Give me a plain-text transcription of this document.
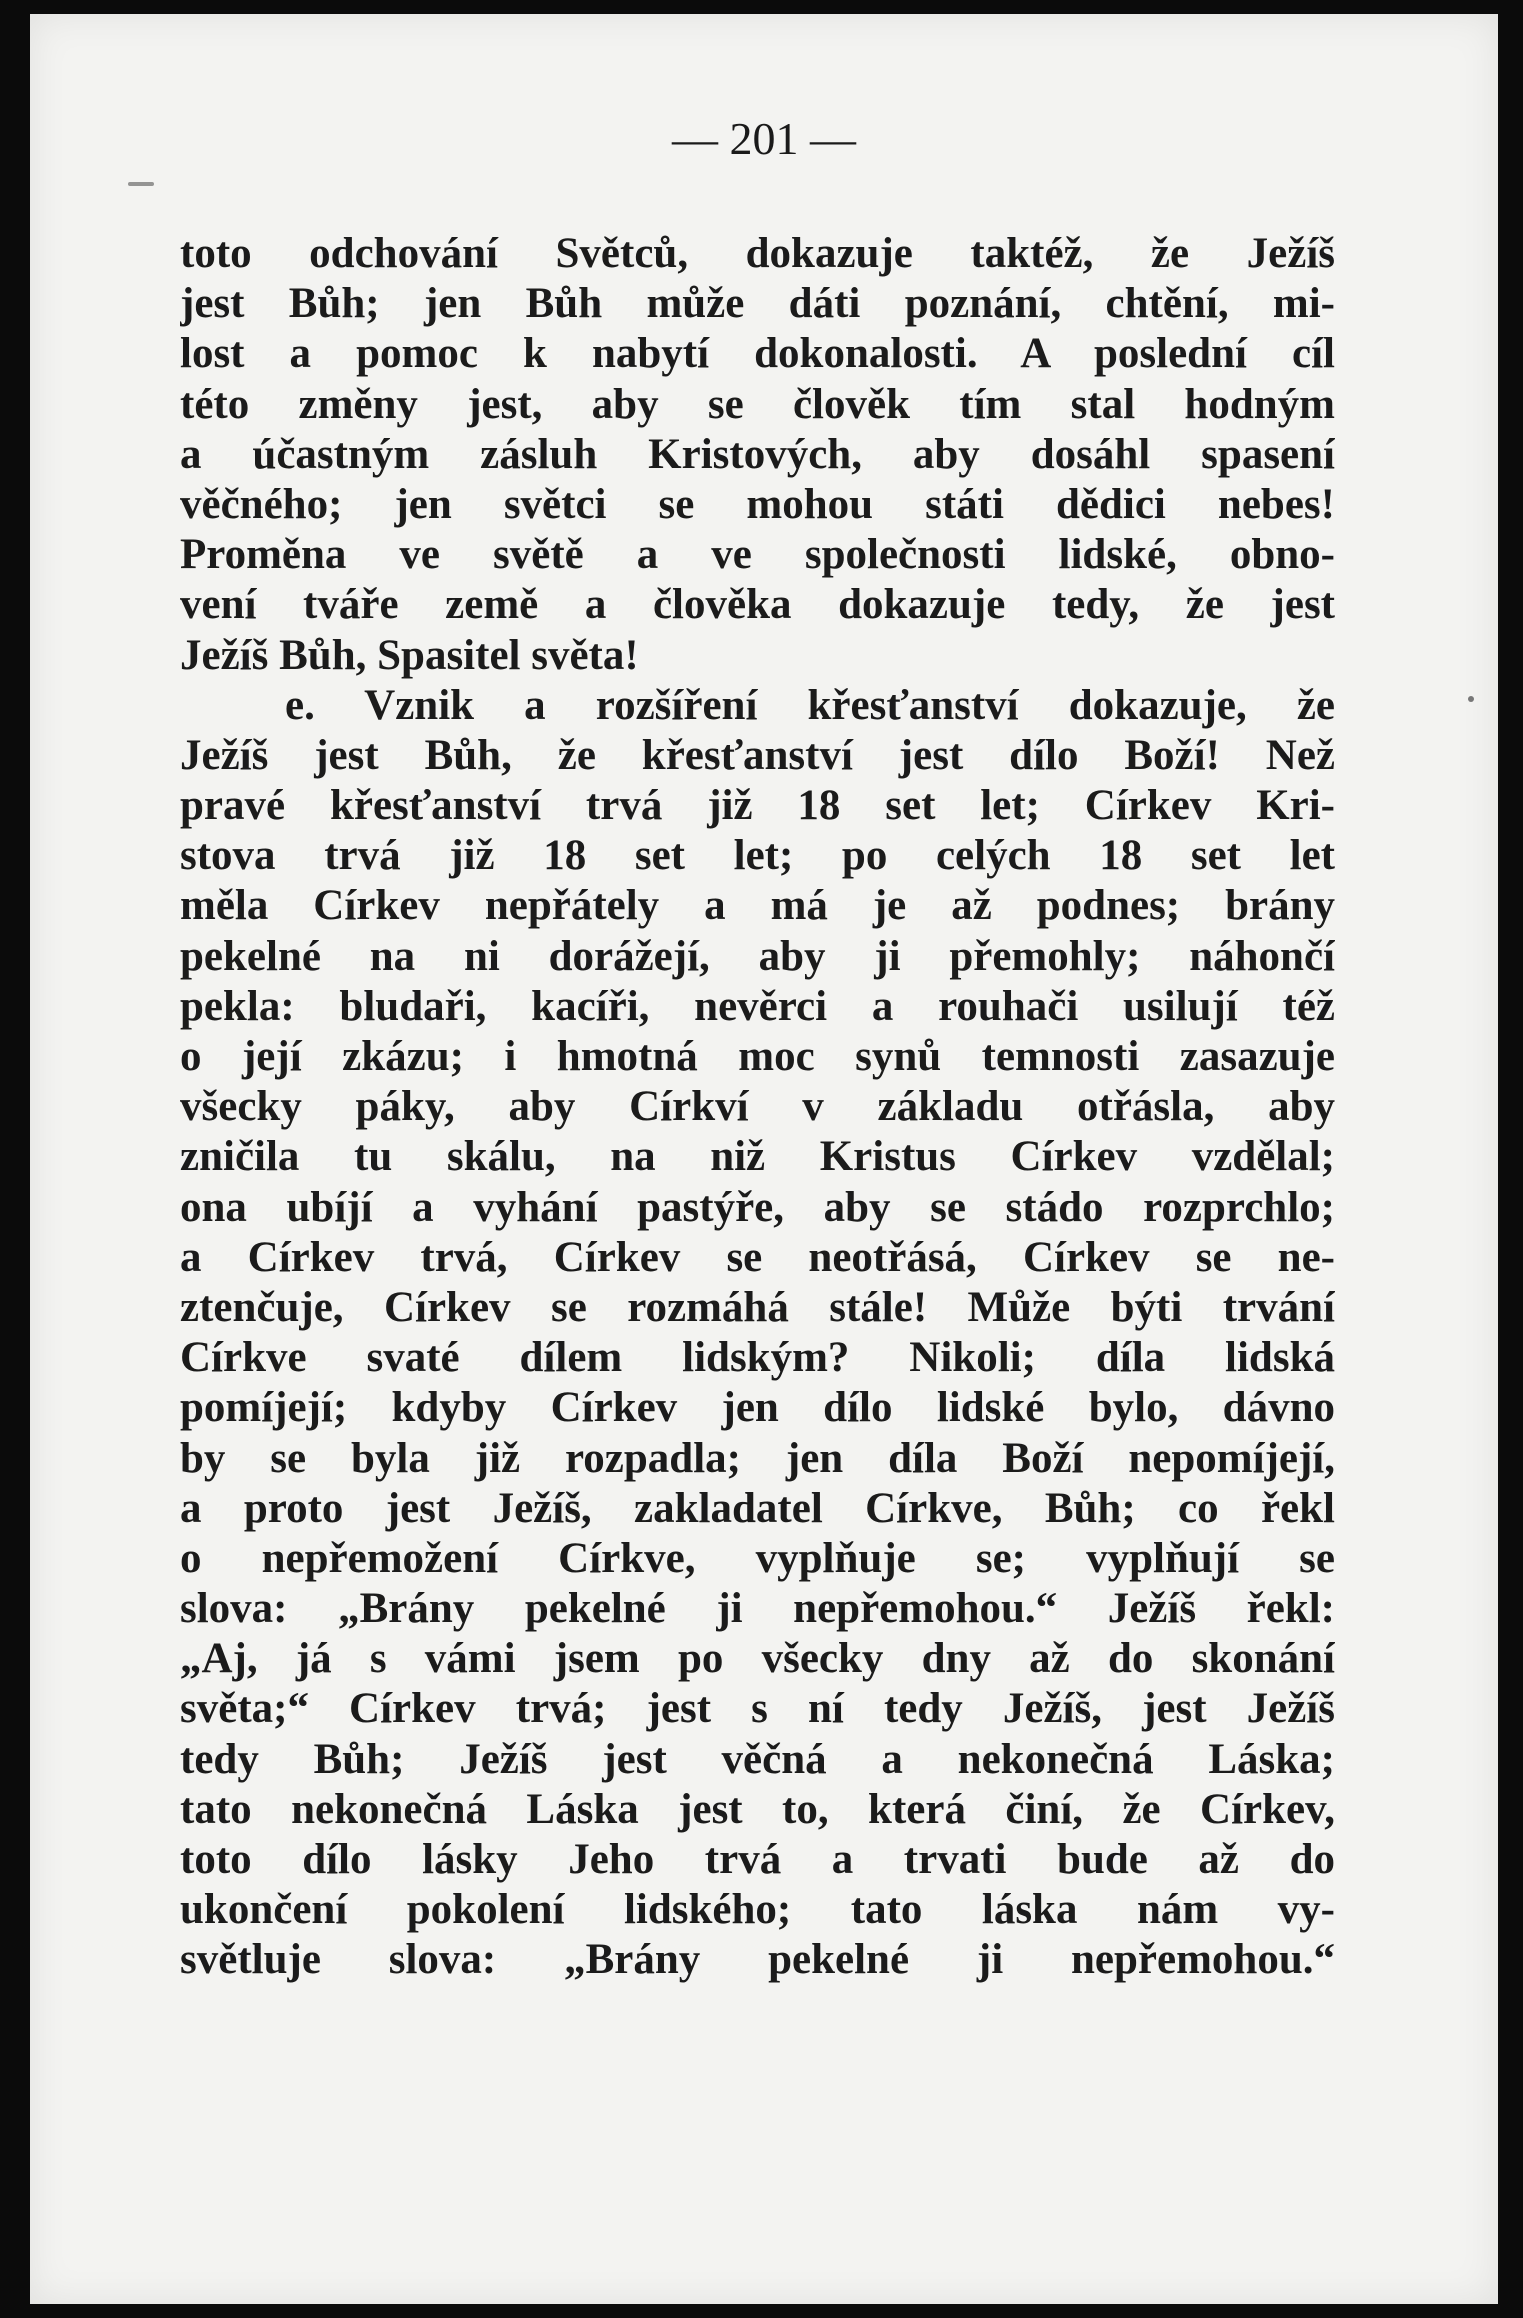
— 201 —
toto odchování Světců, dokazuje taktéž, že Ježíš
jest Bůh; jen Bůh může dáti poznání, chtění, mi-
lost a pomoc k nabytí dokonalosti. A poslední cíl
této změny jest, aby se člověk tím stal hodným
a účastným zásluh Kristových, aby dosáhl spasení
věčného; jen světci se mohou státi dědici nebes!
Proměna ve světě a ve společnosti lidské, obno-
vení tváře země a člověka dokazuje tedy, že jest
Ježíš Bůh, Spasitel světa!
e. Vznik a rozšíření křesťanství dokazuje, že
Ježíš jest Bůh, že křesťanství jest dílo Boží! Než
pravé křesťanství trvá již 18 set let; Církev Kri-
stova trvá již 18 set let; po celých 18 set let
měla Církev nepřátely a má je až podnes; brány
pekelné na ni dorážejí, aby ji přemohly; náhončí
pekla: bludaři, kacíři, nevěrci a rouhači usilují též
o její zkázu; i hmotná moc synů temnosti zasazuje
všecky páky, aby Církví v základu otřásla, aby
zničila tu skálu, na niž Kristus Církev vzdělal;
ona ubíjí a vyhání pastýře, aby se stádo rozprchlo;
a Církev trvá, Církev se neotřásá, Církev se ne-
ztenčuje, Církev se rozmáhá stále! Může býti trvání
Církve svaté dílem lidským? Nikoli; díla lidská
pomíjejí; kdyby Církev jen dílo lidské bylo, dávno
by se byla již rozpadla; jen díla Boží nepomíjejí,
a proto jest Ježíš, zakladatel Církve, Bůh; co řekl
o nepřemožení Církve, vyplňuje se; vyplňují se
slova: „Brány pekelné ji nepřemohou.“ Ježíš řekl:
„Aj, já s vámi jsem po všecky dny až do skonání
světa;“ Církev trvá; jest s ní tedy Ježíš, jest Ježíš
tedy Bůh; Ježíš jest věčná a nekonečná Láska;
tato nekonečná Láska jest to, která činí, že Církev,
toto dílo lásky Jeho trvá a trvati bude až do
ukončení pokolení lidského; tato láska nám vy-
světluje slova: „Brány pekelné ji nepřemohou.“
